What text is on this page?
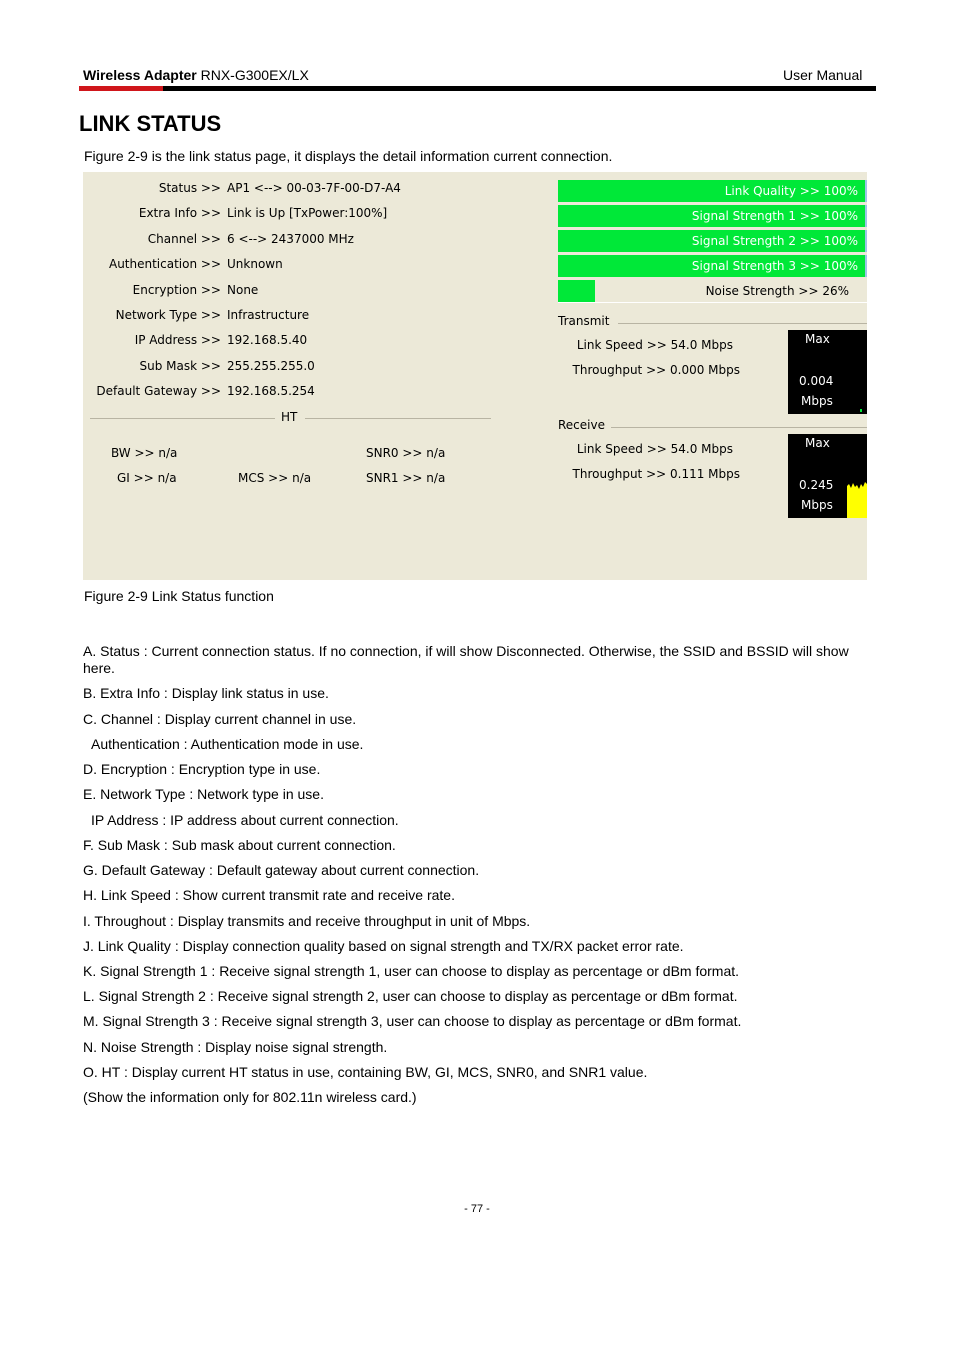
Wireless Adapter RNX-G300EX/LX	User Manual
LINK STATUS
Figure 2-9 is the link status page, it displays the detail information current connection.
Status >> AP1 <--> 00-03-7F-00-D7-A4
Extra Info >> Link is Up [TxPower:100%]
Channel >> 6 <--> 2437000 MHz
Authentication >> Unknown
Encryption >> None
Network Type >> Infrastructure
IP Address >> 192.168.5.40
Sub Mask >> 255.255.255.0
Default Gateway >> 192.168.5.254
HT
BW >> n/a
GI >> n/a	MCS >> n/a
SNR0 >> n/a
SNR1 >> n/a
Link Quality >> 100%
Signal Strength 1 >> 100%
Signal Strength 2 >> 100%
Signal Strength 3 >> 100%
Noise Strength >> 26%
Transmit
Link Speed >> 54.0 Mbps
Throughput >> 0.000 Mbps
Max
0.004
Mbps
Receive
Link Speed >> 54.0 Mbps
Throughput >> 0.111 Mbps
Max
0.245
Mbps
Figure 2-9 Link Status function
A. Status : Current connection status. If no connection, if will show Disconnected. Otherwise, the SSID and BSSID will show here.
B. Extra Info : Display link status in use.
C. Channel : Display current channel in use.
Authentication : Authentication mode in use.
D. Encryption : Encryption type in use.
E. Network Type : Network type in use.
IP Address : IP address about current connection.
F. Sub Mask : Sub mask about current connection.
G. Default Gateway : Default gateway about current connection.
H. Link Speed : Show current transmit rate and receive rate.
I. Throughout : Display transmits and receive throughput in unit of Mbps.
J. Link Quality : Display connection quality based on signal strength and TX/RX packet error rate.
K. Signal Strength 1 : Receive signal strength 1, user can choose to display as percentage or dBm format.
L. Signal Strength 2 : Receive signal strength 2, user can choose to display as percentage or dBm format.
M. Signal Strength 3 : Receive signal strength 3, user can choose to display as percentage or dBm format.
N. Noise Strength : Display noise signal strength.
O. HT : Display current HT status in use, containing BW, GI, MCS, SNR0, and SNR1 value.
(Show the information only for 802.11n wireless card.)
- 77 -
